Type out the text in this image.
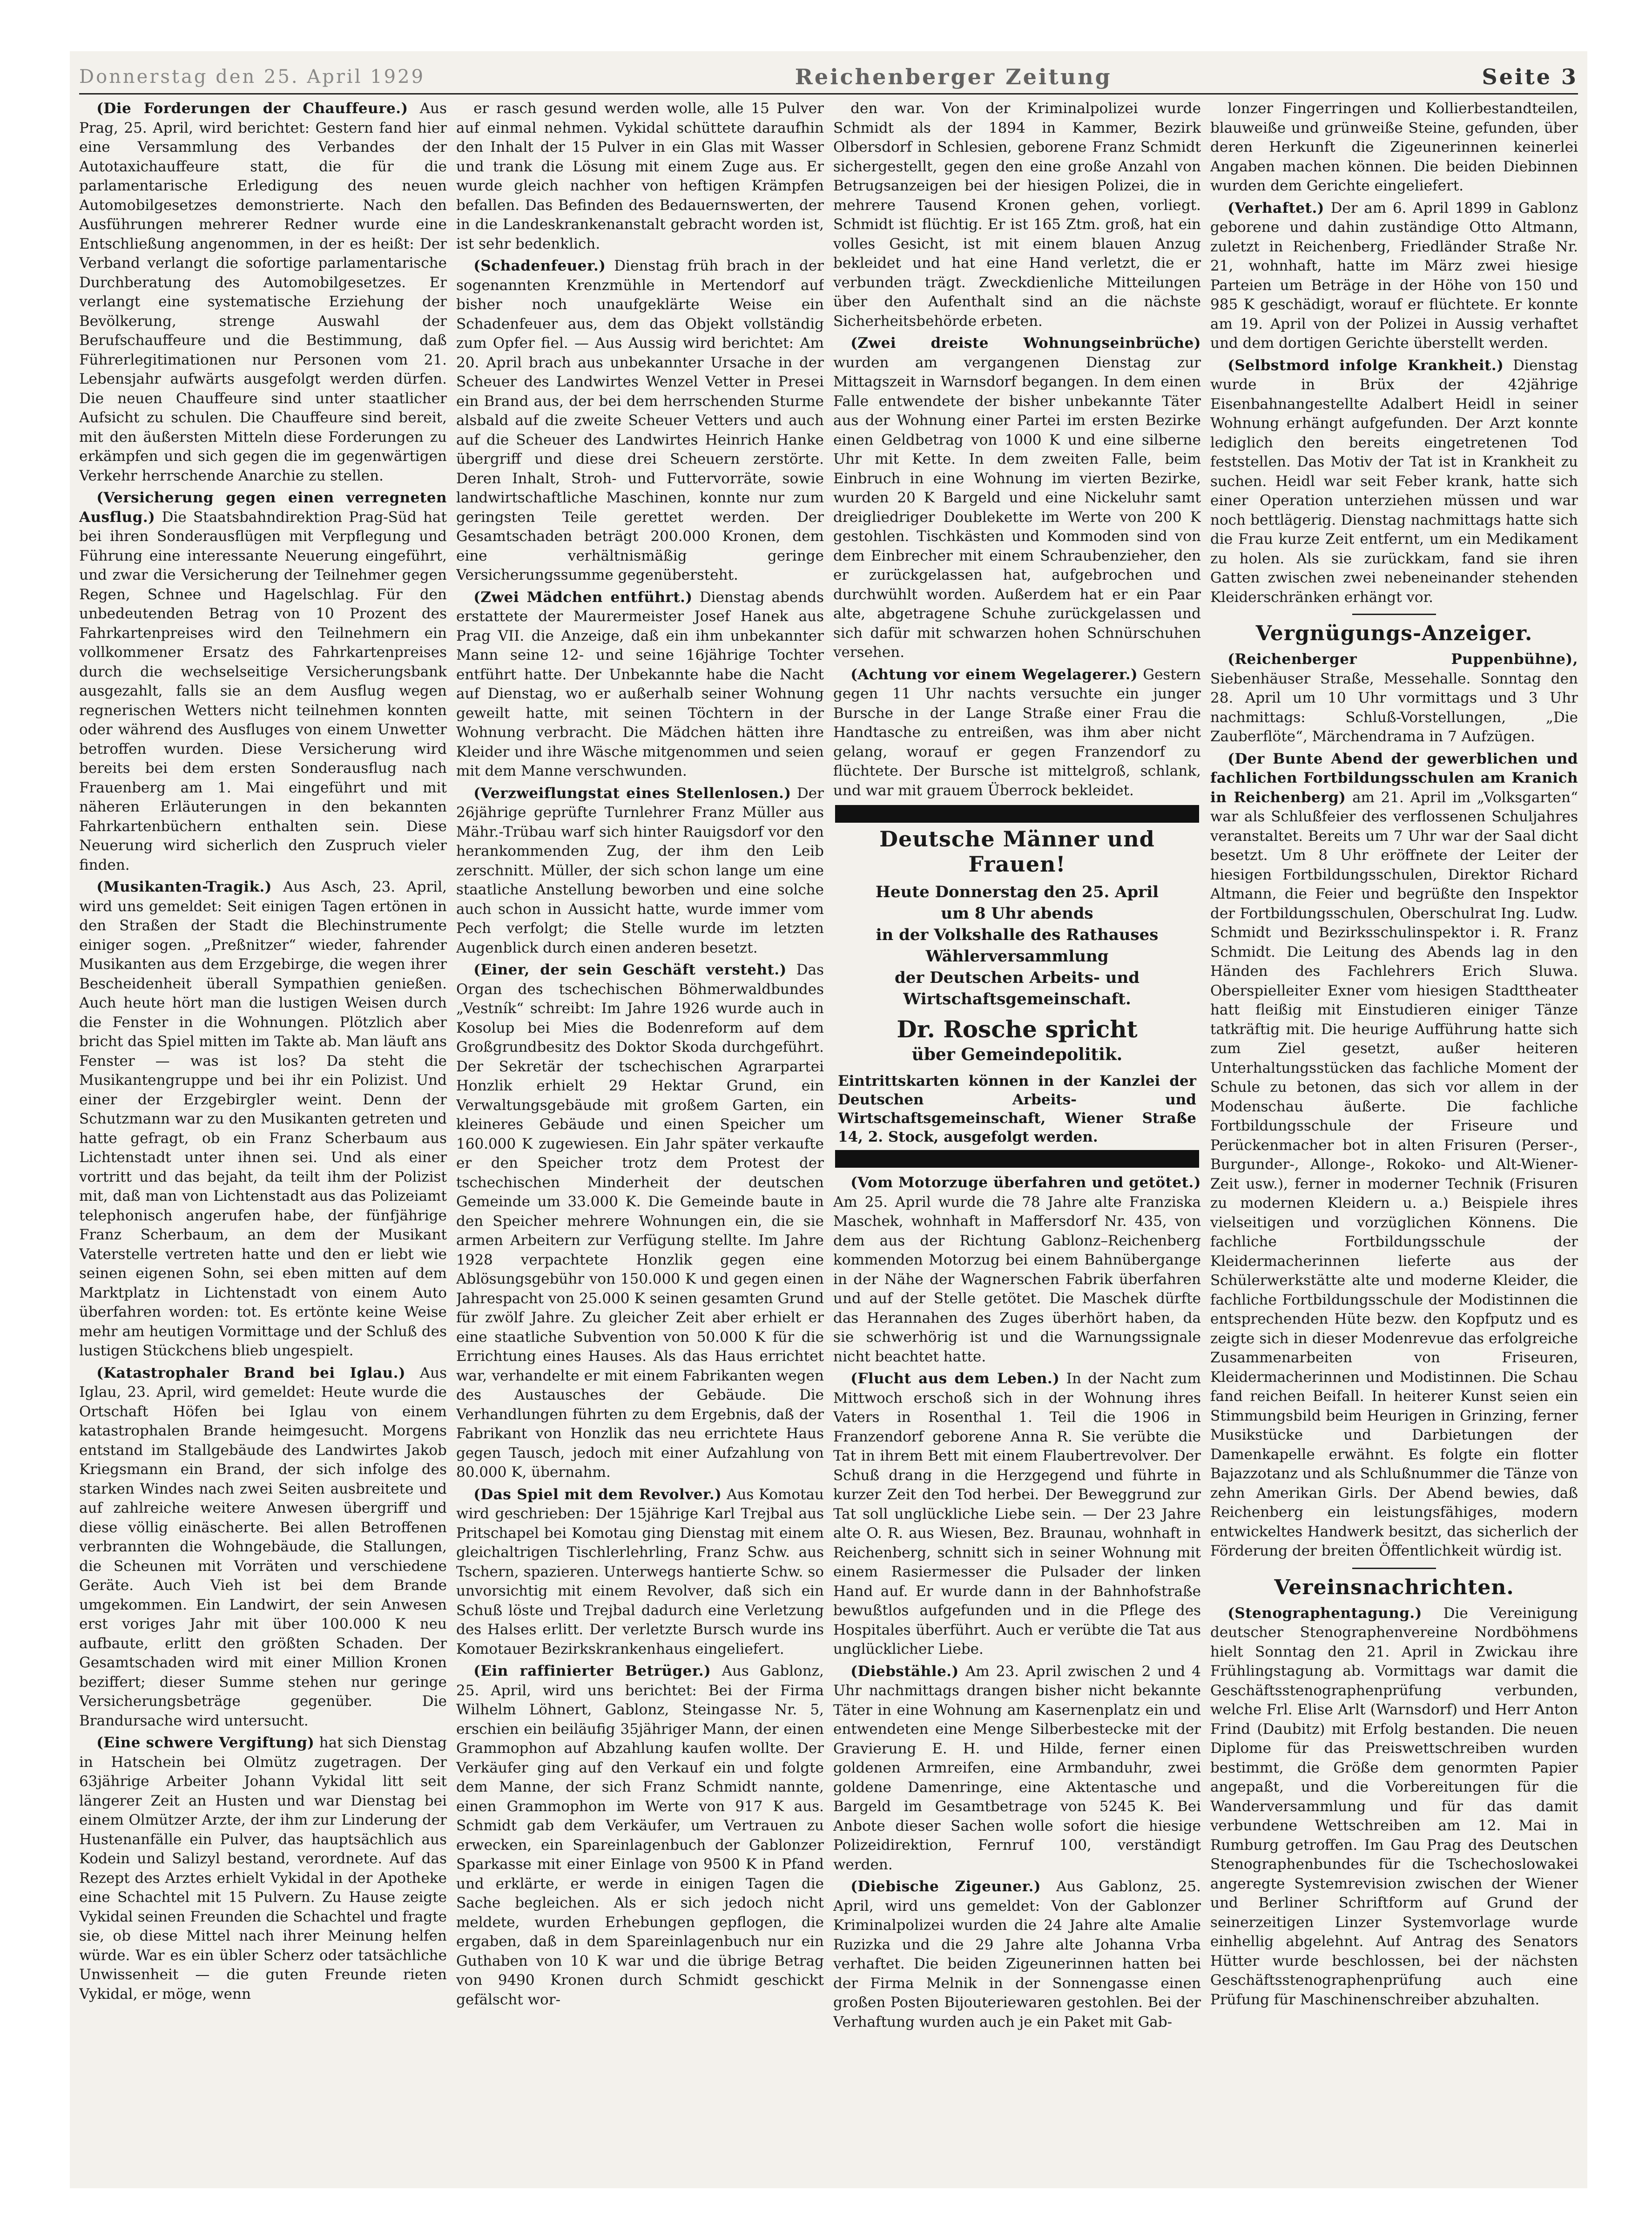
Donnerstag den 25. April 1929	Reichenberger Zeitung	Seite 3

(Die Forderungen der Chauffeure.) Aus Prag, 25. April, wird berichtet: Gestern fand hier eine Versammlung des Verbandes der Autotaxichauffeure statt, die für die parlamentarische Erledigung des neuen Automobilgesetzes demonstrierte. Nach den Ausführungen mehrerer Redner wurde eine Entschließung angenommen, in der es heißt: Der Verband verlangt die sofortige parlamentarische Durchberatung des Automobilgesetzes. Er verlangt eine systematische Erziehung der Bevölkerung, strenge Auswahl der Berufschauffeure und die Bestimmung, daß Führerlegitimationen nur Personen vom 21. Lebensjahr aufwärts ausgefolgt werden dürfen. Die neuen Chauffeure sind unter staatlicher Aufsicht zu schulen. Die Chauffeure sind bereit, mit den äußersten Mitteln diese Forderungen zu erkämpfen und sich gegen die im gegenwärtigen Verkehr herrschende Anarchie zu stellen.

(Versicherung gegen einen verregneten Ausflug.) Die Staatsbahndirektion Prag-Süd hat bei ihren Sonderausflügen mit Verpflegung und Führung eine interessante Neuerung eingeführt, und zwar die Versicherung der Teilnehmer gegen Regen, Schnee und Hagelschlag. Für den unbedeutenden Betrag von 10 Prozent des Fahrkartenpreises wird den Teilnehmern ein vollkommener Ersatz des Fahrkartenpreises durch die wechselseitige Versicherungsbank ausgezahlt, falls sie an dem Ausflug wegen regnerischen Wetters nicht teilnehmen konnten oder während des Ausfluges von einem Unwetter betroffen wurden. Diese Versicherung wird bereits bei dem ersten Sonderausflug nach Frauenberg am 1. Mai eingeführt und mit näheren Erläuterungen in den bekannten Fahrkartenbüchern enthalten sein. Diese Neuerung wird sicherlich den Zuspruch vieler finden.

(Musikanten-Tragik.) Aus Asch, 23. April, wird uns gemeldet: Seit einigen Tagen ertönen in den Straßen der Stadt die Blechinstrumente einiger sogen. „Preßnitzer“ wieder, fahrender Musikanten aus dem Erzgebirge, die wegen ihrer Bescheidenheit überall Sympathien genießen. Auch heute hört man die lustigen Weisen durch die Fenster in die Wohnungen. Plötzlich aber bricht das Spiel mitten im Takte ab. Man läuft ans Fenster — was ist los? Da steht die Musikantengruppe und bei ihr ein Polizist. Und einer der Erzgebirgler weint. Denn der Schutzmann war zu den Musikanten getreten und hatte gefragt, ob ein Franz Scherbaum aus Lichtenstadt unter ihnen sei. Und als einer vortritt und das bejaht, da teilt ihm der Polizist mit, daß man von Lichtenstadt aus das Polizeiamt telephonisch angerufen habe, der fünfjährige Franz Scherbaum, an dem der Musikant Vaterstelle vertreten hatte und den er liebt wie seinen eigenen Sohn, sei eben mitten auf dem Marktplatz in Lichtenstadt von einem Auto überfahren worden: tot. Es ertönte keine Weise mehr am heutigen Vormittage und der Schluß des lustigen Stückchens blieb ungespielt.

(Katastrophaler Brand bei Iglau.) Aus Iglau, 23. April, wird gemeldet: Heute wurde die Ortschaft Höfen bei Iglau von einem katastrophalen Brande heimgesucht. Morgens entstand im Stallgebäude des Landwirtes Jakob Kriegsmann ein Brand, der sich infolge des starken Windes nach zwei Seiten ausbreitete und auf zahlreiche weitere Anwesen übergriff und diese völlig einäscherte. Bei allen Betroffenen verbrannten die Wohngebäude, die Stallungen, die Scheunen mit Vorräten und verschiedene Geräte. Auch Vieh ist bei dem Brande umgekommen. Ein Landwirt, der sein Anwesen erst voriges Jahr mit über 100.000 K neu aufbaute, erlitt den größten Schaden. Der Gesamtschaden wird mit einer Million Kronen beziffert; dieser Summe stehen nur geringe Versicherungsbeträge gegenüber. Die Brandursache wird untersucht.

(Eine schwere Vergiftung) hat sich Dienstag in Hatschein bei Olmütz zugetragen. Der 63jährige Arbeiter Johann Vykidal litt seit längerer Zeit an Husten und war Dienstag bei einem Olmützer Arzte, der ihm zur Linderung der Hustenanfälle ein Pulver, das hauptsächlich aus Kodein und Salizyl bestand, verordnete. Auf das Rezept des Arztes erhielt Vykidal in der Apotheke eine Schachtel mit 15 Pulvern. Zu Hause zeigte Vykidal seinen Freunden die Schachtel und fragte sie, ob diese Mittel nach ihrer Meinung helfen würde. War es ein übler Scherz oder tatsächliche Unwissenheit — die guten Freunde rieten Vykidal, er möge, wenn

er rasch gesund werden wolle, alle 15 Pulver auf einmal nehmen. Vykidal schüttete daraufhin den Inhalt der 15 Pulver in ein Glas mit Wasser und trank die Lösung mit einem Zuge aus. Er wurde gleich nachher von heftigen Krämpfen befallen. Das Befinden des Bedauernswerten, der in die Landeskrankenanstalt gebracht worden ist, ist sehr bedenklich.

(Schadenfeuer.) Dienstag früh brach in der sogenannten Krenzmühle in Mertendorf auf bisher noch unaufgeklärte Weise ein Schadenfeuer aus, dem das Objekt vollständig zum Opfer fiel. — Aus Aussig wird berichtet: Am 20. April brach aus unbekannter Ursache in der Scheuer des Landwirtes Wenzel Vetter in Presei ein Brand aus, der bei dem herrschenden Sturme alsbald auf die zweite Scheuer Vetters und auch auf die Scheuer des Landwirtes Heinrich Hanke übergriff und diese drei Scheuern zerstörte. Deren Inhalt, Stroh- und Futtervorräte, sowie landwirtschaftliche Maschinen, konnte nur zum geringsten Teile gerettet werden. Der Gesamtschaden beträgt 200.000 Kronen, dem eine verhältnismäßig geringe Versicherungssumme gegenübersteht.

(Zwei Mädchen entführt.) Dienstag abends erstattete der Maurermeister Josef Hanek aus Prag VII. die Anzeige, daß ein ihm unbekannter Mann seine 12- und seine 16jährige Tochter entführt hatte. Der Unbekannte habe die Nacht auf Dienstag, wo er außerhalb seiner Wohnung geweilt hatte, mit seinen Töchtern in der Wohnung verbracht. Die Mädchen hätten ihre Kleider und ihre Wäsche mitgenommen und seien mit dem Manne verschwunden.

(Verzweiflungstat eines Stellenlosen.) Der 26jährige geprüfte Turnlehrer Franz Müller aus Mähr.-Trübau warf sich hinter Rauigsdorf vor den herankommenden Zug, der ihm den Leib zerschnitt. Müller, der sich schon lange um eine staatliche Anstellung beworben und eine solche auch schon in Aussicht hatte, wurde immer vom Pech verfolgt; die Stelle wurde im letzten Augenblick durch einen anderen besetzt.

(Einer, der sein Geschäft versteht.) Das Organ des tschechischen Böhmerwaldbundes „Vestník“ schreibt: Im Jahre 1926 wurde auch in Kosolup bei Mies die Bodenreform auf dem Großgrundbesitz des Doktor Skoda durchgeführt. Der Sekretär der tschechischen Agrarpartei Honzlik erhielt 29 Hektar Grund, ein Verwaltungsgebäude mit großem Garten, ein kleineres Gebäude und einen Speicher um 160.000 K zugewiesen. Ein Jahr später verkaufte er den Speicher trotz dem Protest der tschechischen Minderheit der deutschen Gemeinde um 33.000 K. Die Gemeinde baute in den Speicher mehrere Wohnungen ein, die sie armen Arbeitern zur Verfügung stellte. Im Jahre 1928 verpachtete Honzlik gegen eine Ablösungsgebühr von 150.000 K und gegen einen Jahrespacht von 25.000 K seinen gesamten Grund für zwölf Jahre. Zu gleicher Zeit aber erhielt er eine staatliche Subvention von 50.000 K für die Errichtung eines Hauses. Als das Haus errichtet war, verhandelte er mit einem Fabrikanten wegen des Austausches der Gebäude. Die Verhandlungen führten zu dem Ergebnis, daß der Fabrikant von Honzlik das neu errichtete Haus gegen Tausch, jedoch mit einer Aufzahlung von 80.000 K, übernahm.

(Das Spiel mit dem Revolver.) Aus Komotau wird geschrieben: Der 15jährige Karl Trejbal aus Pritschapel bei Komotau ging Dienstag mit einem gleichaltrigen Tischlerlehrling, Franz Schw. aus Tschern, spazieren. Unterwegs hantierte Schw. so unvorsichtig mit einem Revolver, daß sich ein Schuß löste und Trejbal dadurch eine Verletzung des Halses erlitt. Der verletzte Bursch wurde ins Komotauer Bezirkskrankenhaus eingeliefert.

(Ein raffinierter Betrüger.) Aus Gablonz, 25. April, wird uns berichtet: Bei der Firma Wilhelm Löhnert, Gablonz, Steingasse Nr. 5, erschien ein beiläufig 35jähriger Mann, der einen Grammophon auf Abzahlung kaufen wollte. Der Verkäufer ging auf den Verkauf ein und folgte dem Manne, der sich Franz Schmidt nannte, einen Grammophon im Werte von 917 K aus. Schmidt gab dem Verkäufer, um Vertrauen zu erwecken, ein Spareinlagenbuch der Gablonzer Sparkasse mit einer Einlage von 9500 K in Pfand und erklärte, er werde in einigen Tagen die Sache begleichen. Als er sich jedoch nicht meldete, wurden Erhebungen gepflogen, die ergaben, daß in dem Spareinlagenbuch nur ein Guthaben von 10 K war und die übrige Betrag von 9490 Kronen durch Schmidt geschickt gefälscht wor-

den war. Von der Kriminalpolizei wurde Schmidt als der 1894 in Kammer, Bezirk Olbersdorf in Schlesien, geborene Franz Schmidt sichergestellt, gegen den eine große Anzahl von Betrugsanzeigen bei der hiesigen Polizei, die in mehrere Tausend Kronen gehen, vorliegt. Schmidt ist flüchtig. Er ist 165 Ztm. groß, hat ein volles Gesicht, ist mit einem blauen Anzug bekleidet und hat eine Hand verletzt, die er verbunden trägt. Zweckdienliche Mitteilungen über den Aufenthalt sind an die nächste Sicherheitsbehörde erbeten.

(Zwei dreiste Wohnungseinbrüche) wurden am vergangenen Dienstag zur Mittagszeit in Warnsdorf begangen. In dem einen Falle entwendete der bisher unbekannte Täter aus der Wohnung einer Partei im ersten Bezirke einen Geldbetrag von 1000 K und eine silberne Uhr mit Kette. In dem zweiten Falle, beim Einbruch in eine Wohnung im vierten Bezirke, wurden 20 K Bargeld und eine Nickeluhr samt dreigliedriger Doublekette im Werte von 200 K gestohlen. Tischkästen und Kommoden sind von dem Einbrecher mit einem Schraubenzieher, den er zurückgelassen hat, aufgebrochen und durchwühlt worden. Außerdem hat er ein Paar alte, abgetragene Schuhe zurückgelassen und sich dafür mit schwarzen hohen Schnürschuhen versehen.

(Achtung vor einem Wegelagerer.) Gestern gegen 11 Uhr nachts versuchte ein junger Bursche in der Lange Straße einer Frau die Handtasche zu entreißen, was ihm aber nicht gelang, worauf er gegen Franzendorf zu flüchtete. Der Bursche ist mittelgroß, schlank, und war mit grauem Überrock bekleidet.

Deutsche Männer und Frauen!
Heute Donnerstag den 25. April
um 8 Uhr abends
in der Volkshalle des Rathauses
Wählerversammlung
der Deutschen Arbeits- und Wirtschaftsgemeinschaft.
Dr. Rosche spricht
über Gemeindepolitik.
Eintrittskarten können in der Kanzlei der Deutschen Arbeits- und Wirtschaftsgemeinschaft, Wiener Straße 14, 2. Stock, ausgefolgt werden.

(Vom Motorzuge überfahren und getötet.) Am 25. April wurde die 78 Jahre alte Franziska Maschek, wohnhaft in Maffersdorf Nr. 435, von dem aus der Richtung Gablonz–Reichenberg kommenden Motorzug bei einem Bahnübergange in der Nähe der Wagnerschen Fabrik überfahren und auf der Stelle getötet. Die Maschek dürfte das Herannahen des Zuges überhört haben, da sie schwerhörig ist und die Warnungssignale nicht beachtet hatte.

(Flucht aus dem Leben.) In der Nacht zum Mittwoch erschoß sich in der Wohnung ihres Vaters in Rosenthal 1. Teil die 1906 in Franzendorf geborene Anna R. Sie verübte die Tat in ihrem Bett mit einem Flaubertrevolver. Der Schuß drang in die Herzgegend und führte in kurzer Zeit den Tod herbei. Der Beweggrund zur Tat soll unglückliche Liebe sein. — Der 23 Jahre alte O. R. aus Wiesen, Bez. Braunau, wohnhaft in Reichenberg, schnitt sich in seiner Wohnung mit einem Rasiermesser die Pulsader der linken Hand auf. Er wurde dann in der Bahnhofstraße bewußtlos aufgefunden und in die Pflege des Hospitales überführt. Auch er verübte die Tat aus unglücklicher Liebe.

(Diebstähle.) Am 23. April zwischen 2 und 4 Uhr nachmittags drangen bisher nicht bekannte Täter in eine Wohnung am Kasernenplatz ein und entwendeten eine Menge Silberbestecke mit der Gravierung E. H. und Hilde, ferner einen goldenen Armreifen, eine Armbanduhr, zwei goldene Damenringe, eine Aktentasche und Bargeld im Gesamtbetrage von 5245 K. Bei Anbote dieser Sachen wolle sofort die hiesige Polizeidirektion, Fernruf 100, verständigt werden.

(Diebische Zigeuner.) Aus Gablonz, 25. April, wird uns gemeldet: Von der Gablonzer Kriminalpolizei wurden die 24 Jahre alte Amalie Ruzizka und die 29 Jahre alte Johanna Vrba verhaftet. Die beiden Zigeunerinnen hatten bei der Firma Melnik in der Sonnengasse einen großen Posten Bijouteriewaren gestohlen. Bei der Verhaftung wurden auch je ein Paket mit Gab-

lonzer Fingerringen und Kollierbestandteilen, blauweiße und grünweiße Steine, gefunden, über deren Herkunft die Zigeunerinnen keinerlei Angaben machen können. Die beiden Diebinnen wurden dem Gerichte eingeliefert.

(Verhaftet.) Der am 6. April 1899 in Gablonz geborene und dahin zuständige Otto Altmann, zuletzt in Reichenberg, Friedländer Straße Nr. 21, wohnhaft, hatte im März zwei hiesige Parteien um Beträge in der Höhe von 150 und 985 K geschädigt, worauf er flüchtete. Er konnte am 19. April von der Polizei in Aussig verhaftet und dem dortigen Gerichte überstellt werden.

(Selbstmord infolge Krankheit.) Dienstag wurde in Brüx der 42jährige Eisenbahnangestellte Adalbert Heidl in seiner Wohnung erhängt aufgefunden. Der Arzt konnte lediglich den bereits eingetretenen Tod feststellen. Das Motiv der Tat ist in Krankheit zu suchen. Heidl war seit Feber krank, hatte sich einer Operation unterziehen müssen und war noch bettlägerig. Dienstag nachmittags hatte sich die Frau kurze Zeit entfernt, um ein Medikament zu holen. Als sie zurückkam, fand sie ihren Gatten zwischen zwei nebeneinander stehenden Kleiderschränken erhängt vor.

Vergnügungs-Anzeiger.

(Reichenberger Puppenbühne), Siebenhäuser Straße, Messehalle. Sonntag den 28. April um 10 Uhr vormittags und 3 Uhr nachmittags: Schluß-Vorstellungen, „Die Zauberflöte“, Märchendrama in 7 Aufzügen.

(Der Bunte Abend der gewerblichen und fachlichen Fortbildungsschulen am Kranich in Reichenberg) am 21. April im „Volksgarten“ war als Schlußfeier des verflossenen Schuljahres veranstaltet. Bereits um 7 Uhr war der Saal dicht besetzt. Um 8 Uhr eröffnete der Leiter der hiesigen Fortbildungsschulen, Direktor Richard Altmann, die Feier und begrüßte den Inspektor der Fortbildungsschulen, Oberschulrat Ing. Ludw. Schmidt und Bezirksschulinspektor i. R. Franz Schmidt. Die Leitung des Abends lag in den Händen des Fachlehrers Erich Sluwa. Oberspielleiter Exner vom hiesigen Stadttheater hatt fleißig mit Einstudieren einiger Tänze tatkräftig mit. Die heurige Aufführung hatte sich zum Ziel gesetzt, außer heiteren Unterhaltungsstücken das fachliche Moment der Schule zu betonen, das sich vor allem in der Modenschau äußerte. Die fachliche Fortbildungsschule der Friseure und Perückenmacher bot in alten Frisuren (Perser-, Burgunder-, Allonge-, Rokoko- und Alt-Wiener-Zeit usw.), ferner in moderner Technik (Frisuren zu modernen Kleidern u. a.) Beispiele ihres vielseitigen und vorzüglichen Könnens. Die fachliche Fortbildungsschule der Kleidermacherinnen lieferte aus der Schülerwerkstätte alte und moderne Kleider, die fachliche Fortbildungsschule der Modistinnen die entsprechenden Hüte bezw. den Kopfputz und es zeigte sich in dieser Modenrevue das erfolgreiche Zusammenarbeiten von Friseuren, Kleidermacherinnen und Modistinnen. Die Schau fand reichen Beifall. In heiterer Kunst seien ein Stimmungsbild beim Heurigen in Grinzing, ferner Musikstücke und Darbietungen der Damenkapelle erwähnt. Es folgte ein flotter Bajazzotanz und als Schlußnummer die Tänze von zehn Amerikan Girls. Der Abend bewies, daß Reichenberg ein leistungsfähiges, modern entwickeltes Handwerk besitzt, das sicherlich der Förderung der breiten Öffentlichkeit würdig ist.

Vereinsnachrichten.

(Stenographentagung.) Die Vereinigung deutscher Stenographenvereine Nordböhmens hielt Sonntag den 21. April in Zwickau ihre Frühlingstagung ab. Vormittags war damit die Geschäftsstenographenprüfung verbunden, welche Frl. Elise Arlt (Warnsdorf) und Herr Anton Frind (Daubitz) mit Erfolg bestanden. Die neuen Diplome für das Preiswettschreiben wurden bestimmt, die Größe dem genormten Papier angepaßt, und die Vorbereitungen für die Wanderversammlung und für das damit verbundene Wettschreiben am 12. Mai in Rumburg getroffen. Im Gau Prag des Deutschen Stenographenbundes für die Tschechoslowakei angeregte Systemrevision zwischen der Wiener und Berliner Schriftform auf Grund der seinerzeitigen Linzer Systemvorlage wurde einhellig abgelehnt. Auf Antrag des Senators Hütter wurde beschlossen, bei der nächsten Geschäftsstenographenprüfung auch eine Prüfung für Maschinenschreiber abzuhalten.
